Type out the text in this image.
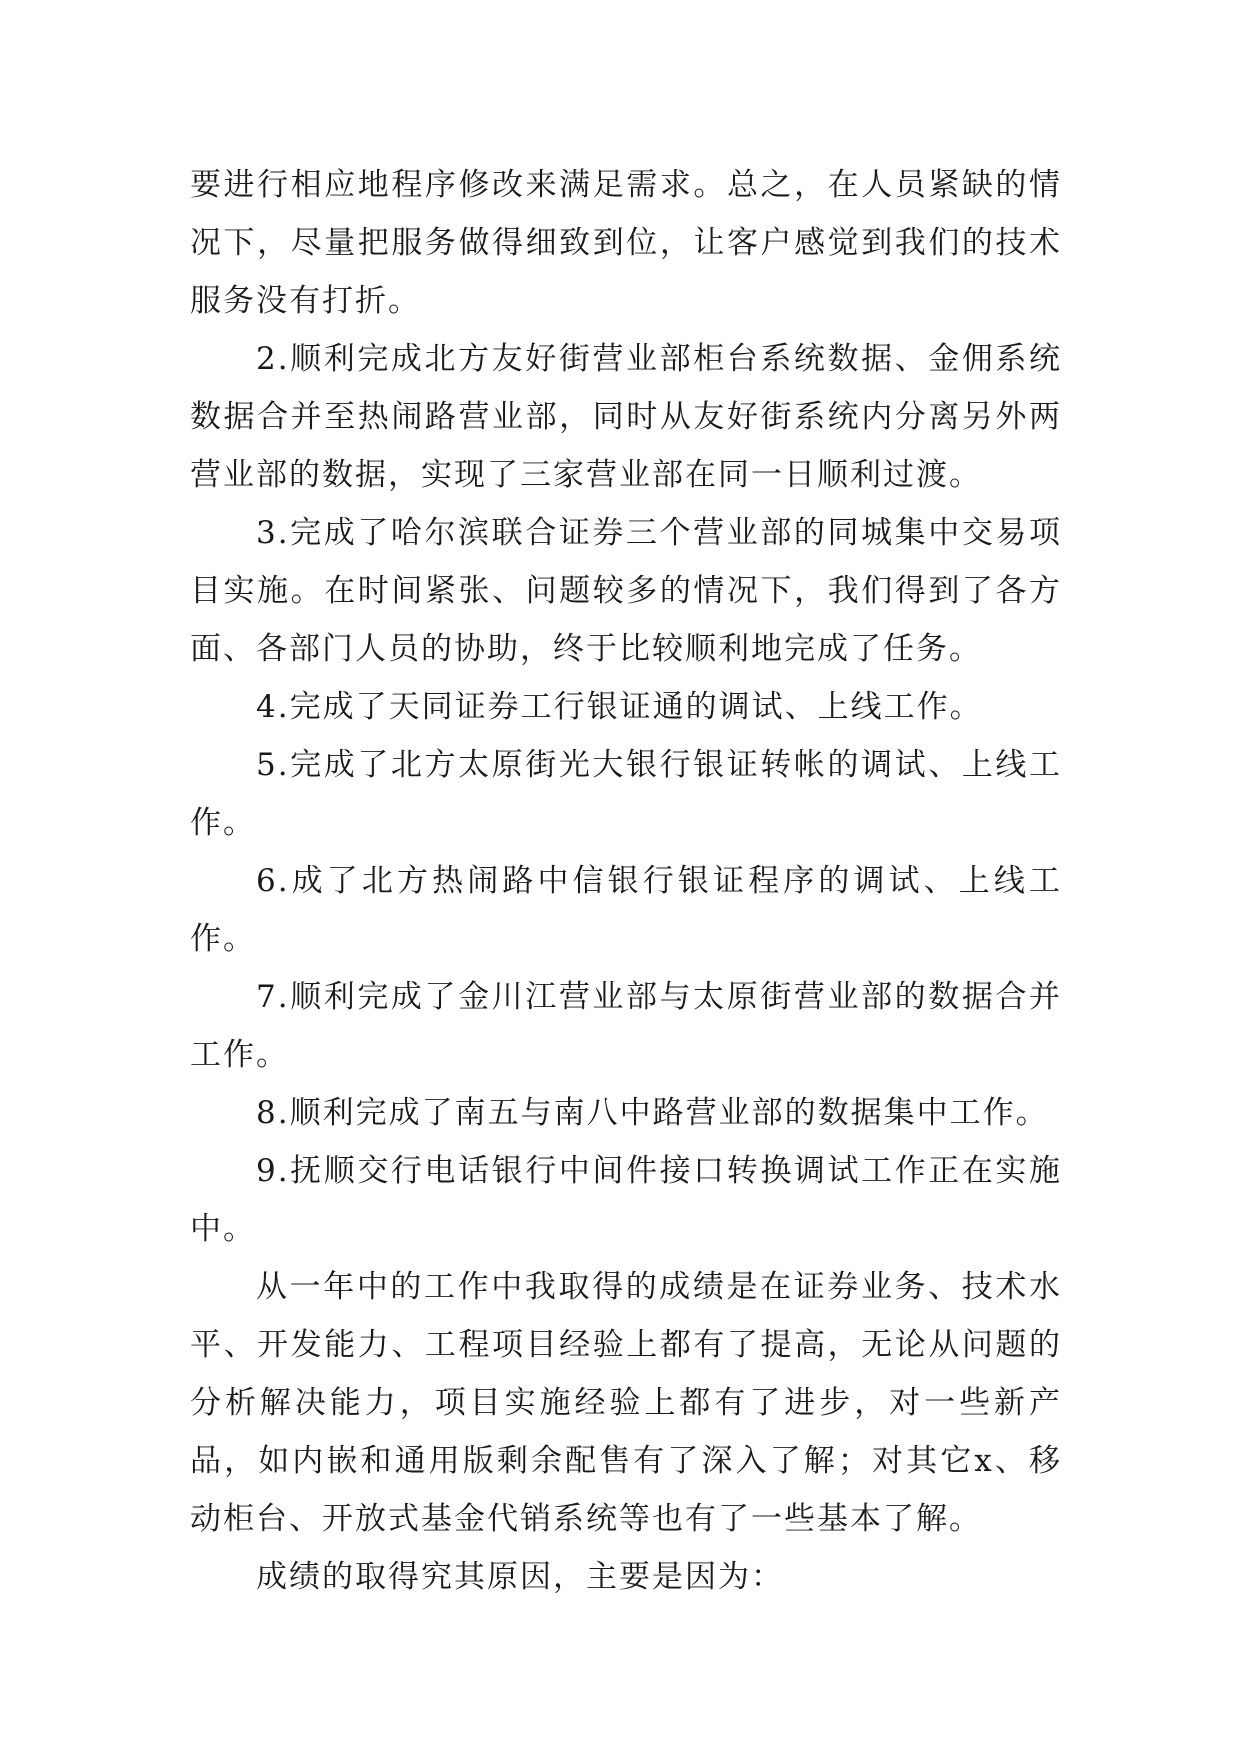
要进行相应地程序修改来满足需求。总之，在人员紧缺的情况下，尽量把服务做得细致到位，让客户感觉到我们的技术服务没有打折。

2.顺利完成北方友好街营业部柜台系统数据、金佣系统数据合并至热闹路营业部，同时从友好街系统内分离另外两营业部的数据，实现了三家营业部在同一日顺利过渡。

3.完成了哈尔滨联合证券三个营业部的同城集中交易项目实施。在时间紧张、问题较多的情况下，我们得到了各方面、各部门人员的协助，终于比较顺利地完成了任务。

4.完成了天同证券工行银证通的调试、上线工作。

5.完成了北方太原街光大银行银证转帐的调试、上线工作。

6.成了北方热闹路中信银行银证程序的调试、上线工作。

7.顺利完成了金川江营业部与太原街营业部的数据合并工作。

8.顺利完成了南五与南八中路营业部的数据集中工作。

9.抚顺交行电话银行中间件接口转换调试工作正在实施中。

从一年中的工作中我取得的成绩是在证券业务、技术水平、开发能力、工程项目经验上都有了提高，无论从问题的分析解决能力，项目实施经验上都有了进步，对一些新产品，如内嵌和通用版剩余配售有了深入了解；对其它x、移动柜台、开放式基金代销系统等也有了一些基本了解。

成绩的取得究其原因，主要是因为：
